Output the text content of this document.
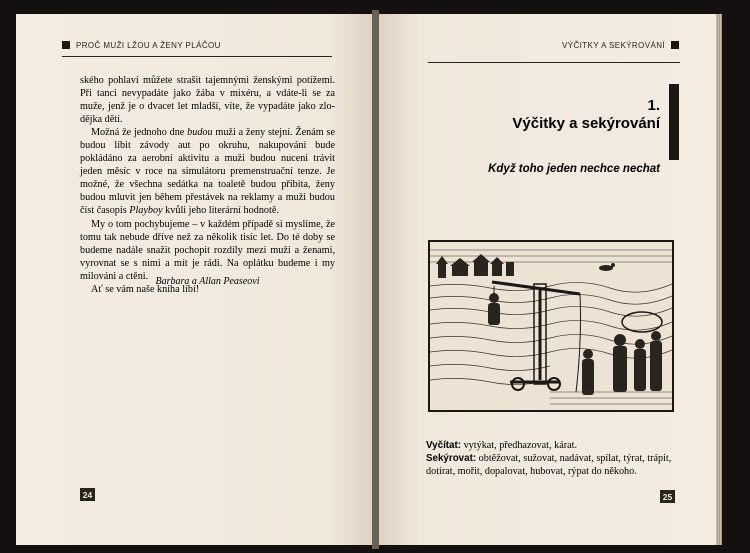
PROČ MUŽI LŽOU A ŽENY PLÁČOU

ského pohlaví můžete strašit tajemnými ženskými potížemi. Při tanci nevypadáte jako žába v mixéru, a vdáte-li se za muže, jenž je o dvacet let mladší, víte, že vypadáte jako zlodějka dětí.

Možná že jednoho dne budou muži a ženy stejní. Ženám se budou líbit závody aut po okruhu, nakupování bude pokládáno za aerobní aktivitu a muži budou nuceni trávit jeden měsíc v roce na simulátoru premenstruační tenze. Je možné, že všechna sedátka na toaletě budou přibita, ženy budou mluvit jen během přestávek na reklamy a muži budou číst časopis Playboy kvůli jeho literární hodnotě.

My o tom pochybujeme – v každém případě si myslíme, že tomu tak nebude dříve než za několik tisíc let. Do té doby se budeme nadále snažit pochopit rozdíly mezi muži a ženami, vyrovnat se s nimi a mít je rádi. Na oplátku budeme i my milováni a ctěni.

Ať se vám naše kniha líbí!

Barbara a Allan Peaseovi
24
VÝČITKY A SEKÝROVÁNÍ
1.
Výčitky a sekýrování
Když toho jeden nechce nechat
Vyčítat: vytýkat, předhazovat, kárat.
Sekýrovat: obtěžovat, sužovat, nadávat, spílat, týrat, trápit, dotírat, mořit, dopalovat, hubovat, rýpat do někoho.
25
